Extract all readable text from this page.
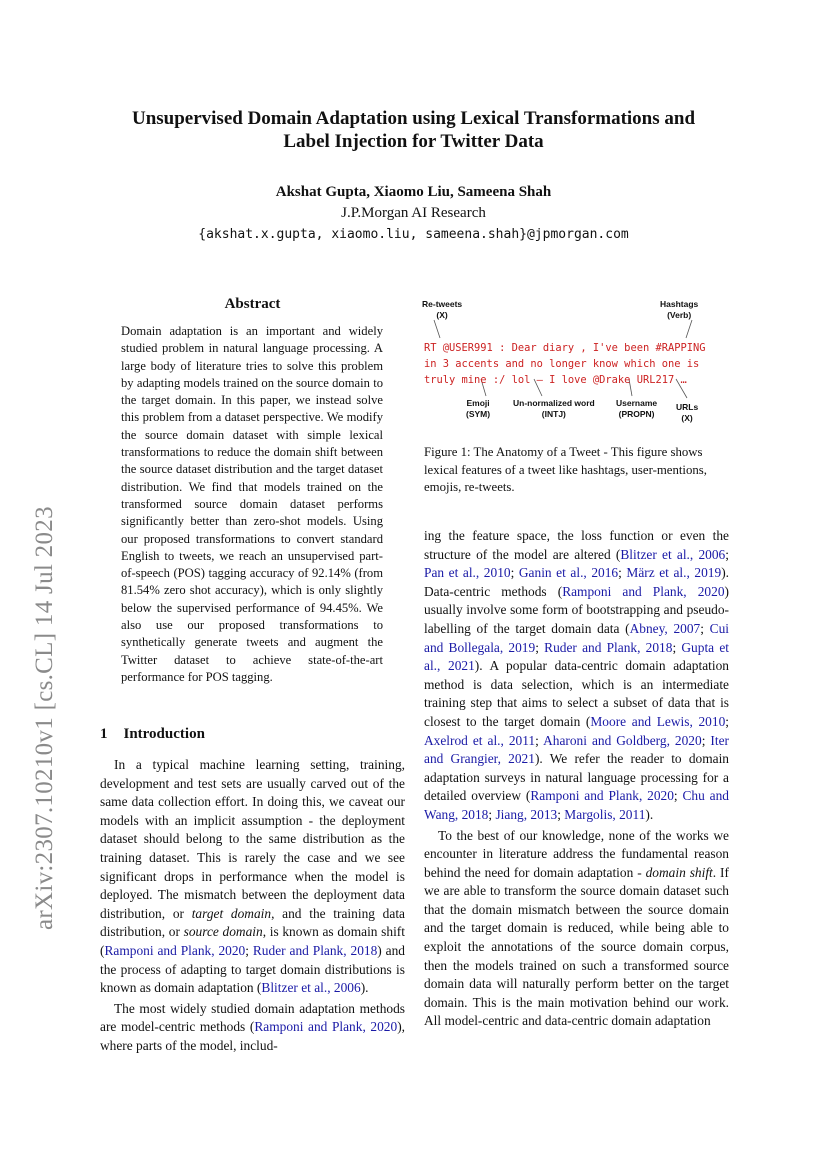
arXiv:2307.10210v1 [cs.CL] 14 Jul 2023
Unsupervised Domain Adaptation using Lexical Transformations and
Label Injection for Twitter Data
Akshat Gupta, Xiaomo Liu, Sameena Shah
J.P.Morgan AI Research
{akshat.x.gupta, xiaomo.liu, sameena.shah}@jpmorgan.com
Abstract
Domain adaptation is an important and widely studied problem in natural language processing. A large body of literature tries to solve this problem by adapting models trained on the source domain to the target domain. In this paper, we instead solve this problem from a dataset perspective. We modify the source domain dataset with simple lexical transformations to reduce the domain shift between the source dataset distribution and the target dataset distribution. We find that models trained on the transformed source domain dataset performs significantly better than zero-shot models. Using our proposed transformations to convert standard English to tweets, we reach an unsupervised part-of-speech (POS) tagging accuracy of 92.14% (from 81.54% zero shot accuracy), which is only slightly below the supervised performance of 94.45%. We also use our proposed transformations to synthetically generate tweets and augment the Twitter dataset to achieve state-of-the-art performance for POS tagging.
1 Introduction

In a typical machine learning setting, training, development and test sets are usually carved out of the same data collection effort. In doing this, we caveat our models with an implicit assumption - the deployment dataset should belong to the same distribution as the training dataset. This is rarely the case and we see significant drops in performance when the model is deployed. The mismatch between the deployment data distribution, or target domain, and the training data distribution, or source domain, is known as domain shift (Ramponi and Plank, 2020; Ruder and Plank, 2018) and the process of adapting to target domain distributions is known as domain adaptation (Blitzer et al., 2006).

The most widely studied domain adaptation methods are model-centric methods (Ramponi and Plank, 2020), where parts of the model, includ-

Re-tweets
(X)
Hashtags
(Verb)
RT @USER991 : Dear diary , I've been #RAPPING
in 3 accents and no longer know which one is
truly mine :/ lol – I love @Drake URL217 …
Emoji
(SYM)
Un-normalized word
(INTJ)
Username
(PROPN)
URLs
(X)
Figure 1: The Anatomy of a Tweet - This figure shows lexical features of a tweet like hashtags, user-mentions, emojis, re-tweets.

ing the feature space, the loss function or even the structure of the model are altered (Blitzer et al., 2006; Pan et al., 2010; Ganin et al., 2016; März et al., 2019). Data-centric methods (Ramponi and Plank, 2020) usually involve some form of bootstrapping and pseudo-labelling of the target domain data (Abney, 2007; Cui and Bollegala, 2019; Ruder and Plank, 2018; Gupta et al., 2021). A popular data-centric domain adaptation method is data selection, which is an intermediate training step that aims to select a subset of data that is closest to the target domain (Moore and Lewis, 2010; Axelrod et al., 2011; Aharoni and Goldberg, 2020; Iter and Grangier, 2021). We refer the reader to domain adaptation surveys in natural language processing for a detailed overview (Ramponi and Plank, 2020; Chu and Wang, 2018; Jiang, 2013; Margolis, 2011).

To the best of our knowledge, none of the works we encounter in literature address the fundamental reason behind the need for domain adaptation - domain shift. If we are able to transform the source domain dataset such that the domain mismatch between the source domain and the target domain is reduced, while being able to exploit the annotations of the source domain corpus, then the models trained on such a transformed source domain data will naturally perform better on the target domain. This is the main motivation behind our work. All model-centric and data-centric domain adaptation
